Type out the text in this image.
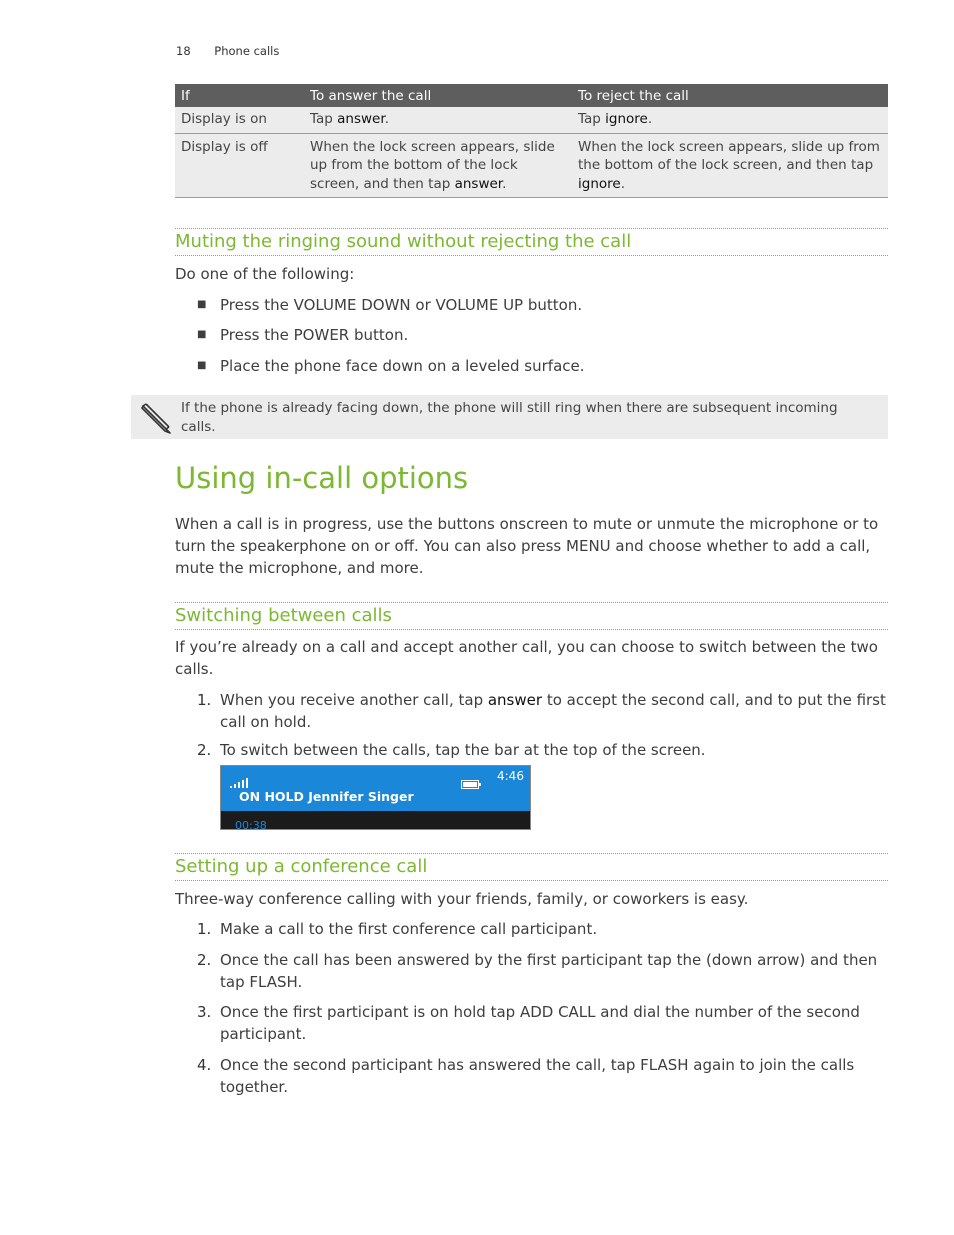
18 Phone calls
If	To answer the call	To reject the call
Display is on	Tap answer.	Tap ignore.
Display is off	When the lock screen appears, slide up from the bottom of the lock screen, and then tap answer.	When the lock screen appears, slide up from the bottom of the lock screen, and then tap ignore.
Muting the ringing sound without rejecting the call
Do one of the following:
■ Press the VOLUME DOWN or VOLUME UP button.
■ Press the POWER button.
■ Place the phone face down on a leveled surface.
If the phone is already facing down, the phone will still ring when there are subsequent incoming calls.
Using in-call options
When a call is in progress, use the buttons onscreen to mute or unmute the microphone or to turn the speakerphone on or off. You can also press MENU and choose whether to add a call, mute the microphone, and more.
Switching between calls
If you’re already on a call and accept another call, you can choose to switch between the two calls.
1. When you receive another call, tap answer to accept the second call, and to put the first call on hold.
2. To switch between the calls, tap the bar at the top of the screen.
4:46
ON HOLD Jennifer Singer
00:38
Setting up a conference call
Three-way conference calling with your friends, family, or coworkers is easy.
1. Make a call to the first conference call participant.
2. Once the call has been answered by the first participant tap the (down arrow) and then tap FLASH.
3. Once the first participant is on hold tap ADD CALL and dial the number of the second participant.
4. Once the second participant has answered the call, tap FLASH again to join the calls together.
